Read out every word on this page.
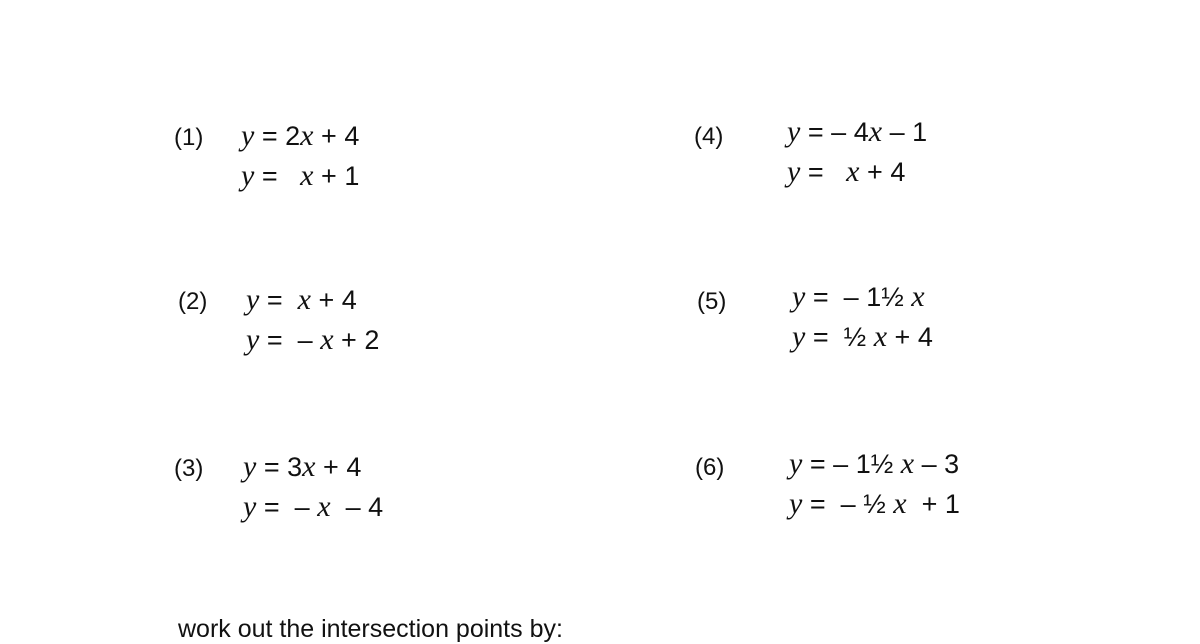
(1) y = 2x + 4
y = x + 1
(2) y = x + 4
y = – x + 2
(3) y = 3x + 4
y = – x – 4
(4) y = – 4x – 1
y = x + 4
(5) y = – 1½ x
y = ½ x + 4
(6) y = – 1½ x – 3
y = – ½ x + 1
work out the intersection points by:
